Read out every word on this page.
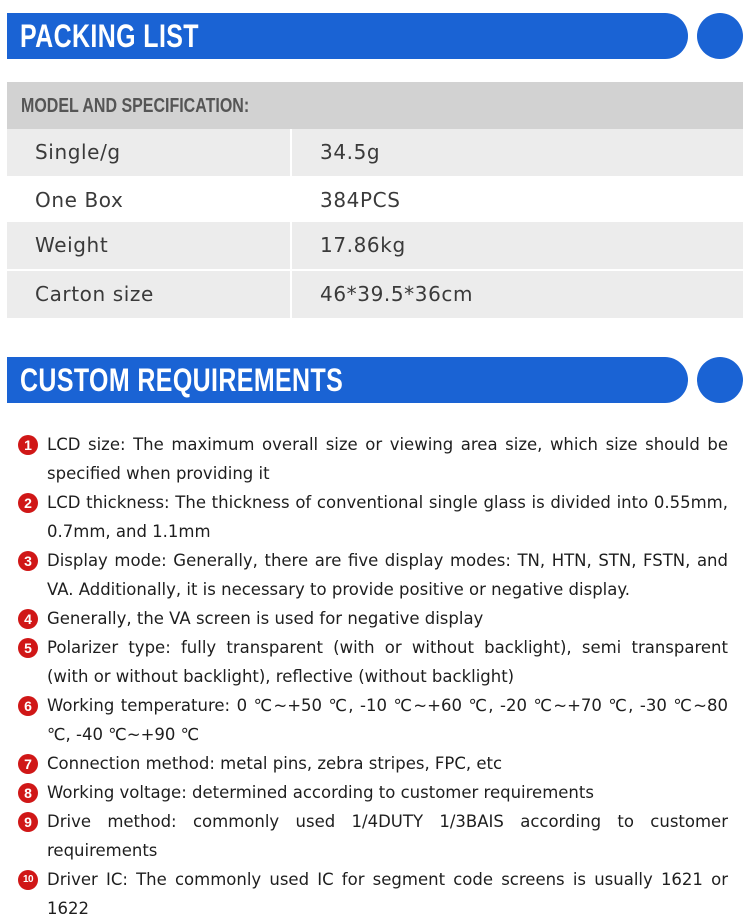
PACKING LIST
MODEL AND SPECIFICATION:
Single/g	34.5g
One Box	384PCS
Weight	17.86kg
Carton size	46*39.5*36cm
CUSTOM REQUIREMENTS
1 LCD size: The maximum overall size or viewing area size, which size should be specified when providing it
2 LCD thickness: The thickness of conventional single glass is divided into 0.55mm, 0.7mm, and 1.1mm
3 Display mode: Generally, there are five display modes: TN, HTN, STN, FSTN, and VA. Additionally, it is necessary to provide positive or negative display.
4 Generally, the VA screen is used for negative display
5 Polarizer type: fully transparent (with or without backlight), semi transparent (with or without backlight), reflective (without backlight)
6 Working temperature: 0 ℃~+50 ℃, -10 ℃~+60 ℃, -20 ℃~+70 ℃, -30 ℃~80 ℃, -40 ℃~+90 ℃
7 Connection method: metal pins, zebra stripes, FPC, etc
8 Working voltage: determined according to customer requirements
9 Drive method: commonly used 1/4DUTY 1/3BAIS according to customer requirements
10 Driver IC: The commonly used IC for segment code screens is usually 1621 or 1622
